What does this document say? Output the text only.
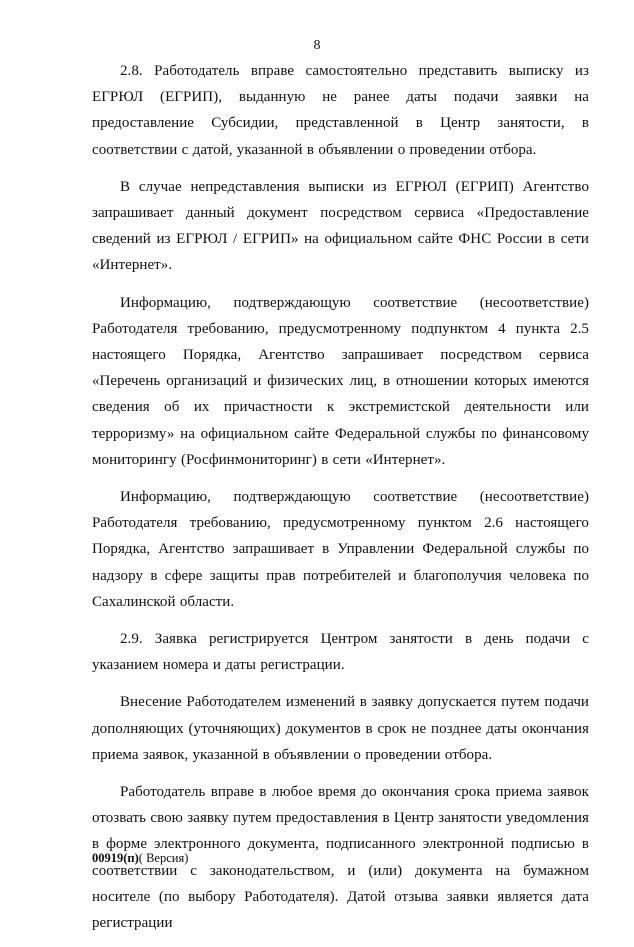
8

2.8. Работодатель вправе самостоятельно представить выписку из ЕГРЮЛ (ЕГРИП), выданную не ранее даты подачи заявки на предоставление Субсидии, представленной в Центр занятости, в соответствии с датой, указанной в объявлении о проведении отбора.

В случае непредставления выписки из ЕГРЮЛ (ЕГРИП) Агентство запрашивает данный документ посредством сервиса «Предоставление сведений из ЕГРЮЛ / ЕГРИП» на официальном сайте ФНС России в сети «Интернет».

Информацию, подтверждающую соответствие (несоответствие) Работодателя требованию, предусмотренному подпунктом 4 пункта 2.5 настоящего Порядка, Агентство запрашивает посредством сервиса «Перечень организаций и физических лиц, в отношении которых имеются сведения об их причастности к экстремистской деятельности или терроризму» на официальном сайте Федеральной службы по финансовому мониторингу (Росфинмониторинг) в сети «Интернет».

Информацию, подтверждающую соответствие (несоответствие) Работодателя требованию, предусмотренному пунктом 2.6 настоящего Порядка, Агентство запрашивает в Управлении Федеральной службы по надзору в сфере защиты прав потребителей и благополучия человека по Сахалинской области.

2.9. Заявка регистрируется Центром занятости в день подачи с указанием номера и даты регистрации.

Внесение Работодателем изменений в заявку допускается путем подачи дополняющих (уточняющих) документов в срок не позднее даты окончания приема заявок, указанной в объявлении о проведении отбора.

Работодатель вправе в любое время до окончания срока приема заявок отозвать свою заявку путем предоставления в Центр занятости уведомления в форме электронного документа, подписанного электронной подписью в соответствии с законодательством, и (или) документа на бумажном носителе (по выбору Работодателя). Датой отзыва заявки является дата регистрации

00919(п)( Версия)
